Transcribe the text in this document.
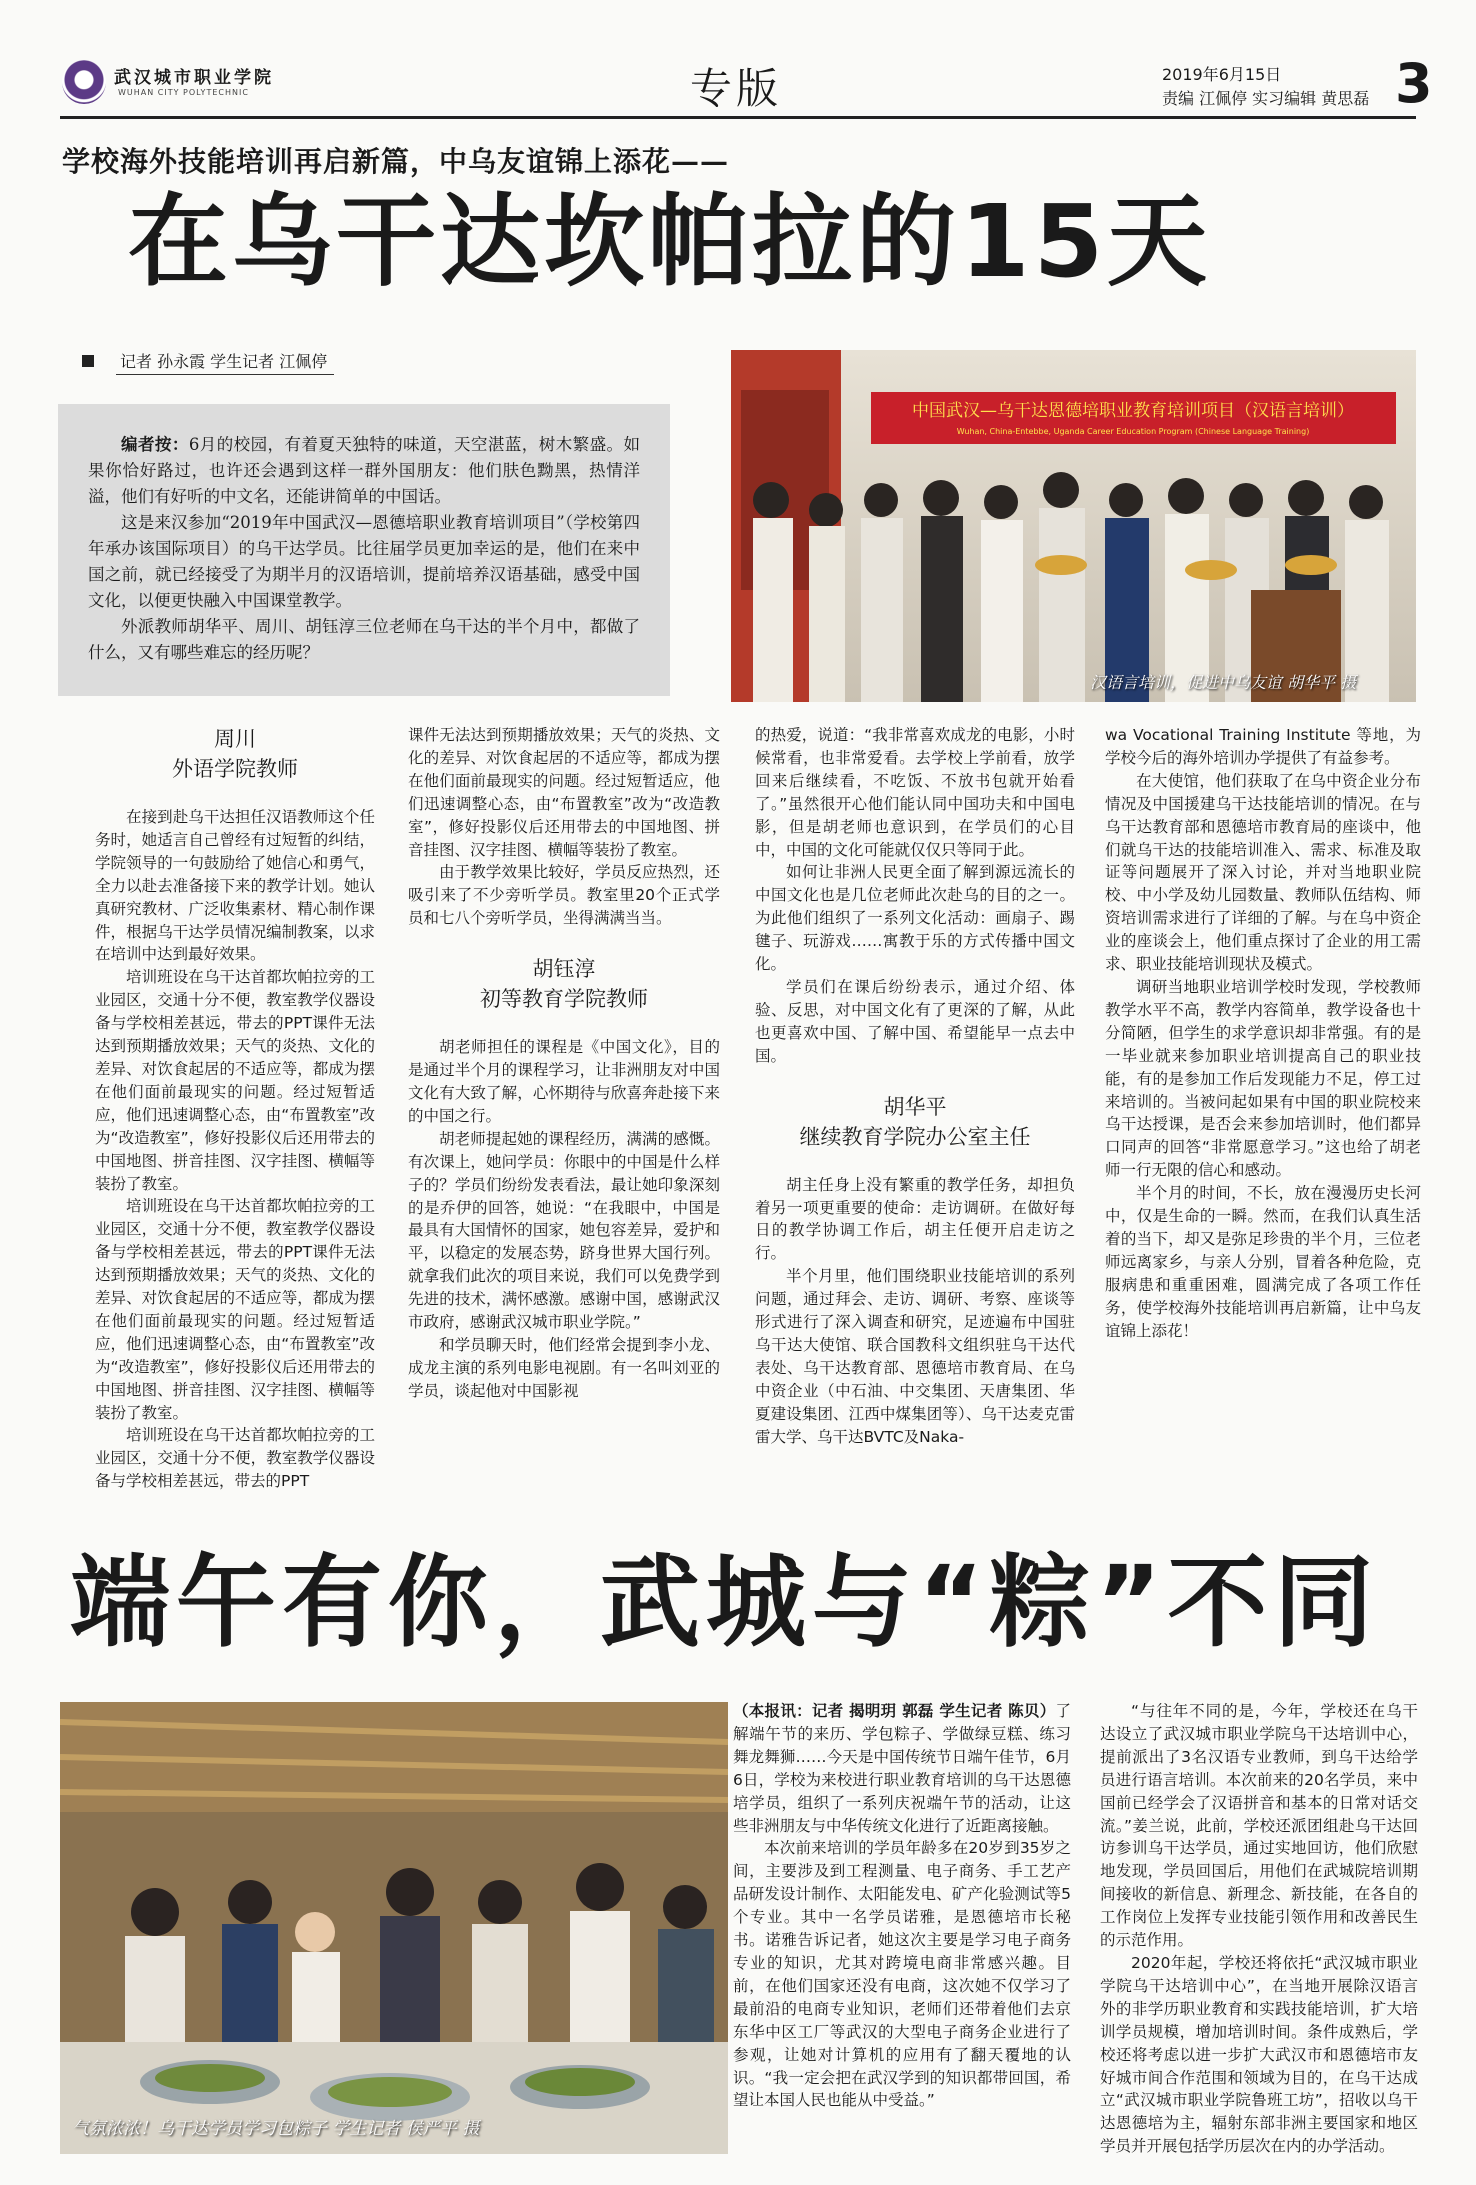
武汉城市职业学院
WUHAN CITY POLYTECHNIC	专版	2019年6月15日
责编 江佩停 实习编辑 黄思磊 3
学校海外技能培训再启新篇，中乌友谊锦上添花——
在乌干达坎帕拉的15天
记者 孙永霞 学生记者 江佩停

编者按：6月的校园，有着夏天独特的味道，天空湛蓝，树木繁盛。如果你恰好路过，也许还会遇到这样一群外国朋友：他们肤色黝黑，热情洋溢，他们有好听的中文名，还能讲简单的中国话。

这是来汉参加“2019年中国武汉—恩德培职业教育培训项目”（学校第四年承办该国际项目）的乌干达学员。比往届学员更加幸运的是，他们在来中国之前，就已经接受了为期半月的汉语培训，提前培养汉语基础，感受中国文化，以便更快融入中国课堂教学。

外派教师胡华平、周川、胡钰淳三位老师在乌干达的半个月中，都做了什么，又有哪些难忘的经历呢？

中国武汉—乌干达恩德培职业教育培训项目（汉语言培训）
Wuhan, China-Entebbe, Uganda Career Education Program (Chinese Language Training)
汉语言培训，促进中乌友谊 胡华平 摄
周川
外语学院教师

在接到赴乌干达担任汉语教师这个任务时，她适言自己曾经有过短暂的纠结，学院领导的一句鼓励给了她信心和勇气，全力以赴去准备接下来的教学计划。她认真研究教材、广泛收集素材、精心制作课件，根据乌干达学员情况编制教案，以求在培训中达到最好效果。

培训班设在乌干达首都坎帕拉旁的工业园区，交通十分不便，教室教学仪器设备与学校相差甚远，带去的PPT课件无法达到预期播放效果；天气的炎热、文化的差异、对饮食起居的不适应等，都成为摆在他们面前最现实的问题。经过短暂适应，他们迅速调整心态，由“布置教室”改为“改造教室”，修好投影仪后还用带去的中国地图、拼音挂图、汉字挂图、横幅等装扮了教室。

培训班设在乌干达首都坎帕拉旁的工业园区，交通十分不便，教室教学仪器设备与学校相差甚远，带去的PPT课件无法达到预期播放效果；天气的炎热、文化的差异、对饮食起居的不适应等，都成为摆在他们面前最现实的问题。经过短暂适应，他们迅速调整心态，由“布置教室”改为“改造教室”，修好投影仪后还用带去的中国地图、拼音挂图、汉字挂图、横幅等装扮了教室。

培训班设在乌干达首都坎帕拉旁的工业园区，交通十分不便，教室教学仪器设备与学校相差甚远，带去的PPT

课件无法达到预期播放效果；天气的炎热、文化的差异、对饮食起居的不适应等，都成为摆在他们面前最现实的问题。经过短暂适应，他们迅速调整心态，由“布置教室”改为“改造教室”，修好投影仪后还用带去的中国地图、拼音挂图、汉字挂图、横幅等装扮了教室。

由于教学效果比较好，学员反应热烈，还吸引来了不少旁听学员。教室里20个正式学员和七八个旁听学员，坐得满满当当。

胡钰淳
初等教育学院教师

胡老师担任的课程是《中国文化》，目的是通过半个月的课程学习，让非洲朋友对中国文化有大致了解，心怀期待与欣喜奔赴接下来的中国之行。

胡老师提起她的课程经历，满满的感慨。有次课上，她问学员：你眼中的中国是什么样子的？学员们纷纷发表看法，最让她印象深刻的是乔伊的回答，她说：“在我眼中，中国是最具有大国情怀的国家，她包容差异，爱护和平，以稳定的发展态势，跻身世界大国行列。就拿我们此次的项目来说，我们可以免费学到先进的技术，满怀感激。感谢中国，感谢武汉市政府，感谢武汉城市职业学院。”

和学员聊天时，他们经常会提到李小龙、成龙主演的系列电影电视剧。有一名叫刘亚的学员，谈起他对中国影视

的热爱，说道：“我非常喜欢成龙的电影，小时候常看，也非常爱看。去学校上学前看，放学回来后继续看，不吃饭、不放书包就开始看了。”虽然很开心他们能认同中国功夫和中国电影，但是胡老师也意识到，在学员们的心目中，中国的文化可能就仅仅只等同于此。

如何让非洲人民更全面了解到源远流长的中国文化也是几位老师此次赴乌的目的之一。为此他们组织了一系列文化活动：画扇子、踢毽子、玩游戏……寓教于乐的方式传播中国文化。

学员们在课后纷纷表示，通过介绍、体验、反思，对中国文化有了更深的了解，从此也更喜欢中国、了解中国、希望能早一点去中国。

胡华平
继续教育学院办公室主任

胡主任身上没有繁重的教学任务，却担负着另一项更重要的使命：走访调研。在做好每日的教学协调工作后，胡主任便开启走访之行。

半个月里，他们围绕职业技能培训的系列问题，通过拜会、走访、调研、考察、座谈等形式进行了深入调查和研究，足迹遍布中国驻乌干达大使馆、联合国教科文组织驻乌干达代表处、乌干达教育部、恩德培市教育局、在乌中资企业（中石油、中交集团、天唐集团、华夏建设集团、江西中煤集团等）、乌干达麦克雷雷大学、乌干达BVTC及Naka-

wa Vocational Training Institute 等地，为学校今后的海外培训办学提供了有益参考。

在大使馆，他们获取了在乌中资企业分布情况及中国援建乌干达技能培训的情况。在与乌干达教育部和恩德培市教育局的座谈中，他们就乌干达的技能培训准入、需求、标准及取证等问题展开了深入讨论，并对当地职业院校、中小学及幼儿园数量、教师队伍结构、师资培训需求进行了详细的了解。与在乌中资企业的座谈会上，他们重点探讨了企业的用工需求、职业技能培训现状及模式。

调研当地职业培训学校时发现，学校教师教学水平不高，教学内容简单，教学设备也十分简陋，但学生的求学意识却非常强。有的是一毕业就来参加职业培训提高自己的职业技能，有的是参加工作后发现能力不足，停工过来培训的。当被问起如果有中国的职业院校来乌干达授课，是否会来参加培训时，他们都异口同声的回答“非常愿意学习。”这也给了胡老师一行无限的信心和感动。

半个月的时间，不长，放在漫漫历史长河中，仅是生命的一瞬。然而，在我们认真生活着的当下，却又是弥足珍贵的半个月，三位老师远离家乡，与亲人分别，冒着各种危险，克服病患和重重困难，圆满完成了各项工作任务，使学校海外技能培训再启新篇，让中乌友谊锦上添花！

端午有你，武城与“粽”不同
气氛浓浓！乌干达学员学习包粽子 学生记者 侯严平 摄

（本报讯：记者 揭明玥 郭磊 学生记者 陈贝）了解端午节的来历、学包粽子、学做绿豆糕、练习舞龙舞狮……今天是中国传统节日端午佳节，6月6日，学校为来校进行职业教育培训的乌干达恩德培学员，组织了一系列庆祝端午节的活动，让这些非洲朋友与中华传统文化进行了近距离接触。

本次前来培训的学员年龄多在20岁到35岁之间，主要涉及到工程测量、电子商务、手工艺产品研发设计制作、太阳能发电、矿产化验测试等5个专业。其中一名学员诺雅，是恩德培市长秘书。诺雅告诉记者，她这次主要是学习电子商务专业的知识，尤其对跨境电商非常感兴趣。目前，在他们国家还没有电商，这次她不仅学习了最前沿的电商专业知识，老师们还带着他们去京东华中区工厂等武汉的大型电子商务企业进行了参观，让她对计算机的应用有了翻天覆地的认识。“我一定会把在武汉学到的知识都带回国，希望让本国人民也能从中受益。”

“与往年不同的是，今年，学校还在乌干达设立了武汉城市职业学院乌干达培训中心，提前派出了3名汉语专业教师，到乌干达给学员进行语言培训。本次前来的20名学员，来中国前已经学会了汉语拼音和基本的日常对话交流。”姜兰说，此前，学校还派团组赴乌干达回访参训乌干达学员，通过实地回访，他们欣慰地发现，学员回国后，用他们在武城院培训期间接收的新信息、新理念、新技能，在各自的工作岗位上发挥专业技能引领作用和改善民生的示范作用。

2020年起，学校还将依托“武汉城市职业学院乌干达培训中心”，在当地开展除汉语言外的非学历职业教育和实践技能培训，扩大培训学员规模，增加培训时间。条件成熟后，学校还将考虑以进一步扩大武汉市和恩德培市友好城市间合作范围和领域为目的，在乌干达成立“武汉城市职业学院鲁班工坊”，招收以乌干达恩德培为主，辐射东部非洲主要国家和地区学员并开展包括学历层次在内的办学活动。
